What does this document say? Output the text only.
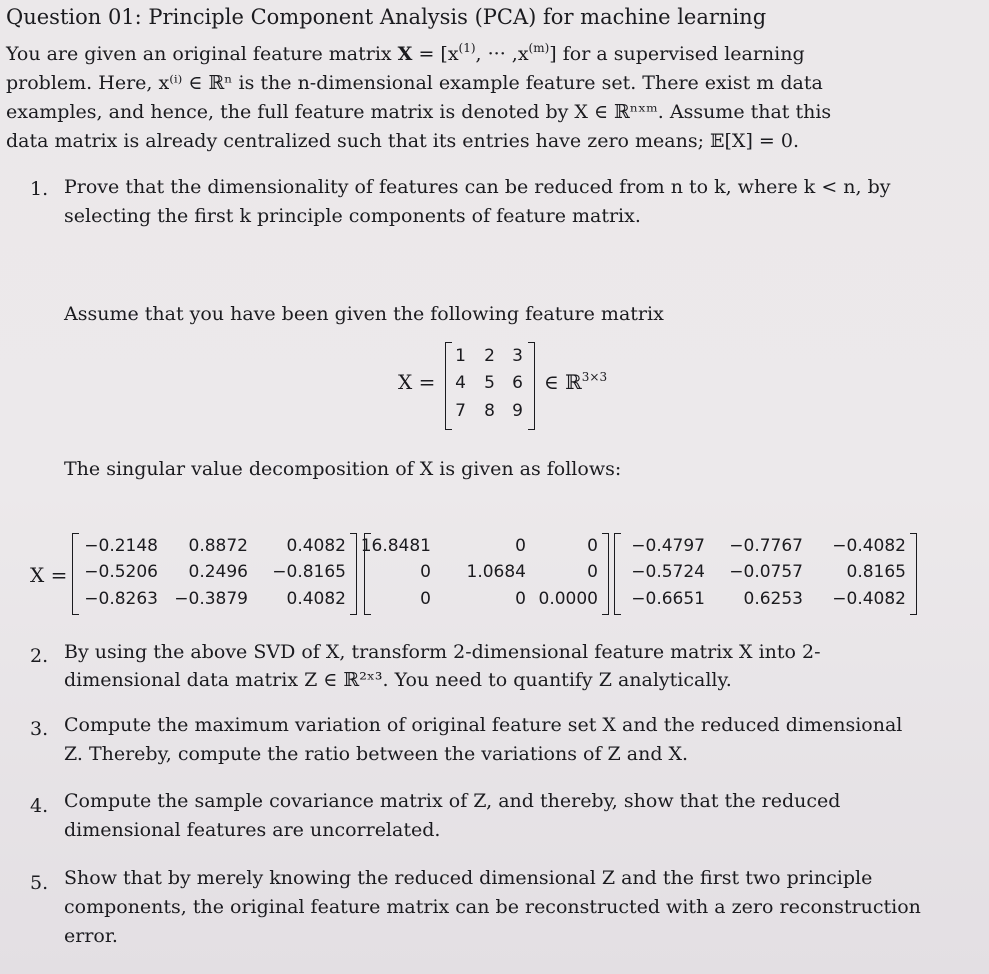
Question 01: Principle Component Analysis (PCA) for machine learning
You are given an original feature matrix $X = [x^{(1)}$, ··· $,x^{(m)}$] for a supervised learning
problem. Here, x⁽ⁱ⁾ ∈ ℝⁿ is the n-dimensional example feature set. There exist m data
examples, and hence, the full feature matrix is denoted by X ∈ ℝⁿˣᵐ. Assume that this
data matrix is already centralized such that its entries have zero means; 𝔼[X] = 0.
1. Prove that the dimensionality of features can be reduced from n to k, where k < n, by
selecting the first k principle components of feature matrix.
Assume that you have been given the following feature matrix
X =
1	2	3
4	5	6
7	8	9
∈ ℝ$^{3\times 3}$
The singular value decomposition of X is given as follows:
X =
−0.2148	0.8872	0.4082
−0.5206	0.2496	−0.8165
−0.8263 −0.3879	0.4082
16.8481	0	0
0	1.0684	0
0	0 0.0000
−0.4797	−0.7767	−0.4082
−0.5724	−0.0757	0.8165
−0.6651	0.6253	−0.4082
2. By using the above SVD of X, transform 2-dimensional feature matrix X into 2-
dimensional data matrix Z ∈ ℝ²ˣ³. You need to quantify Z analytically.
3. Compute the maximum variation of original feature set X and the reduced dimensional
Z. Thereby, compute the ratio between the variations of Z and X.
4. Compute the sample covariance matrix of Z, and thereby, show that the reduced
dimensional features are uncorrelated.
5. Show that by merely knowing the reduced dimensional Z and the first two principle
components, the original feature matrix can be reconstructed with a zero reconstruction
error.
